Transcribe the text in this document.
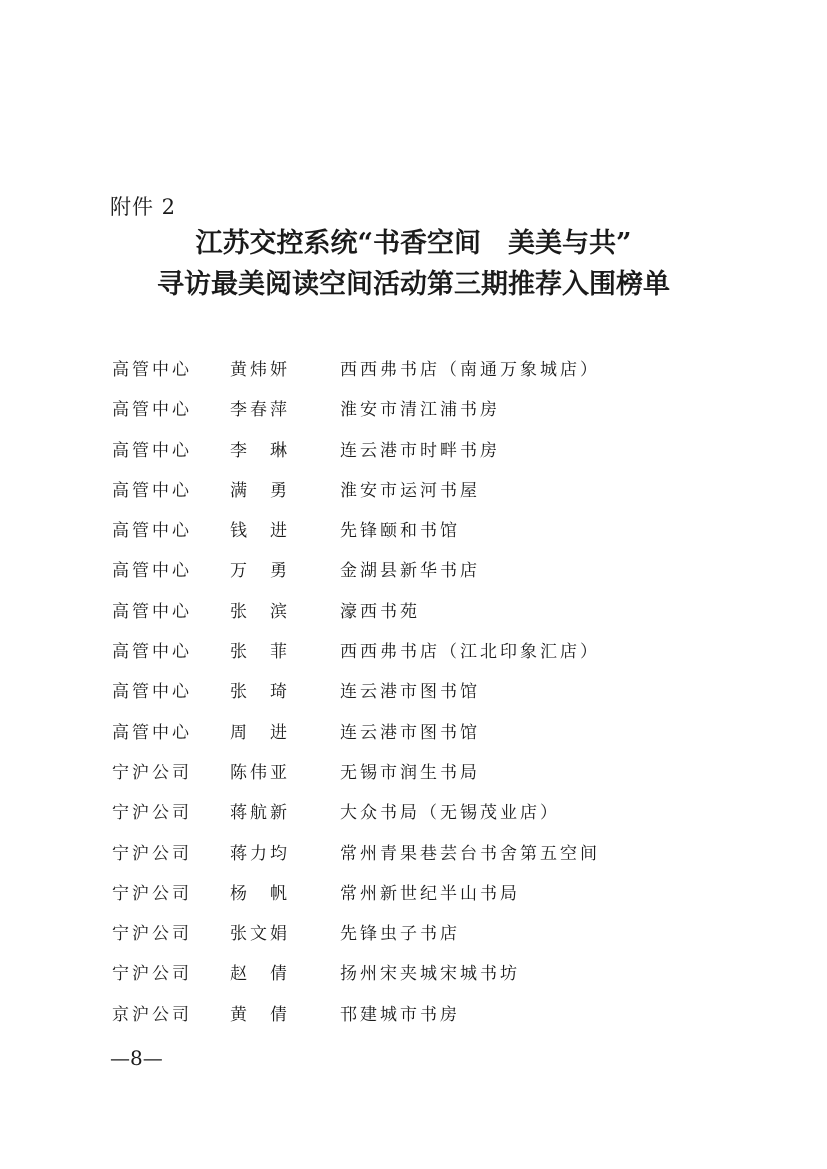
附件 2
江苏交控系统“书香空间　美美与共”
寻访最美阅读空间活动第三期推荐入围榜单
高管中心 黄炜妍	西西弗书店（南通万象城店）
高管中心 李春萍	淮安市清江浦书房
高管中心 李　琳	连云港市时畔书房
高管中心 满　勇	淮安市运河书屋
高管中心 钱　进	先锋颐和书馆
高管中心 万　勇	金湖县新华书店
高管中心 张　滨	濠西书苑
高管中心 张　菲	西西弗书店（江北印象汇店）
高管中心 张　琦	连云港市图书馆
高管中心 周　进	连云港市图书馆
宁沪公司 陈伟亚	无锡市润生书局
宁沪公司 蒋航新	大众书局（无锡茂业店）
宁沪公司 蒋力均	常州青果巷芸台书舍第五空间
宁沪公司 杨　帆	常州新世纪半山书局
宁沪公司 张文娟	先锋虫子书店
宁沪公司 赵　倩	扬州宋夹城宋城书坊
京沪公司 黄　倩	邗建城市书房
—8—
